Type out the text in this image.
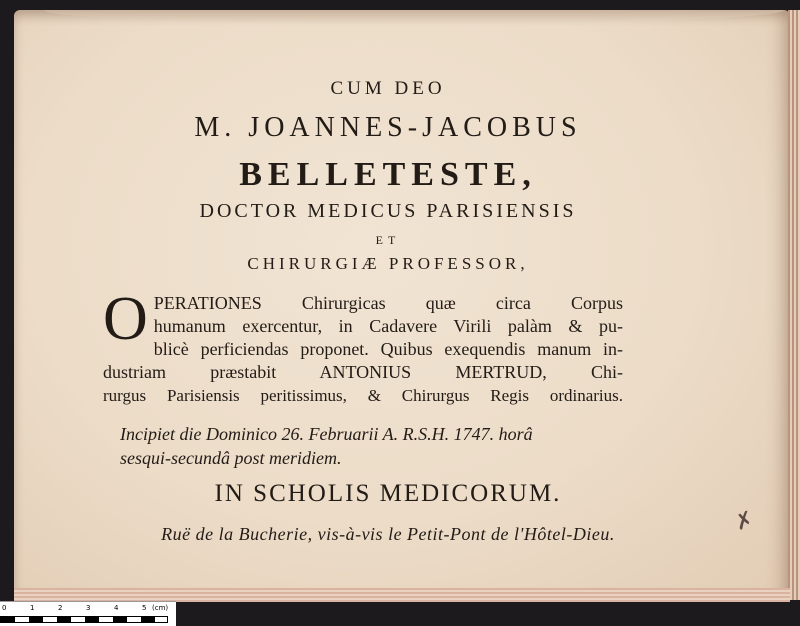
CUM DEO
M. JOANNES-JACOBUS
BELLETESTE,
DOCTOR MEDICUS PARISIENSIS
ET
CHIRURGIÆ PROFESSOR,
O PERATIONES Chirurgicas quæ circa Corpus
humanum exercentur, in Cadavere Virili palàm & pu-
blicè perficiendas proponet. Quibus exequendis manum in-
dustriam præstabit ANTONIUS MERTRUD, Chi-
rurgus Parisiensis peritissimus, & Chirurgus Regis ordinarius.
Incipiet die Dominico 26. Februarii A. R.S.H. 1747. horâ
sesqui-secundâ post meridiem.
IN SCHOLIS MEDICORUM.
Ruë de la Bucherie, vis-à-vis le Petit-Pont de l'Hôtel-Dieu.	✗
0	1	2	3	4	5 (cm)
